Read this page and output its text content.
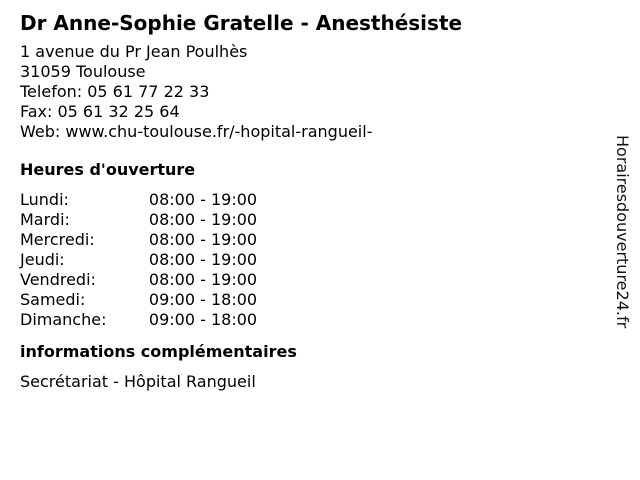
Dr Anne-Sophie Gratelle - Anesthésiste
1 avenue du Pr Jean Poulhès
31059 Toulouse
Telefon: 05 61 77 22 33
Fax: 05 61 32 25 64
Web: www.chu-toulouse.fr/-hopital-rangueil-
Heures d'ouverture
Lundi:	08:00 - 19:00
Mardi:	08:00 - 19:00
Mercredi:	08:00 - 19:00
Jeudi:	08:00 - 19:00
Vendredi:	08:00 - 19:00
Samedi:	09:00 - 18:00
Dimanche:	09:00 - 18:00
informations complémentaires
Secrétariat - Hôpital Rangueil
Horairesdouverture24.fr
